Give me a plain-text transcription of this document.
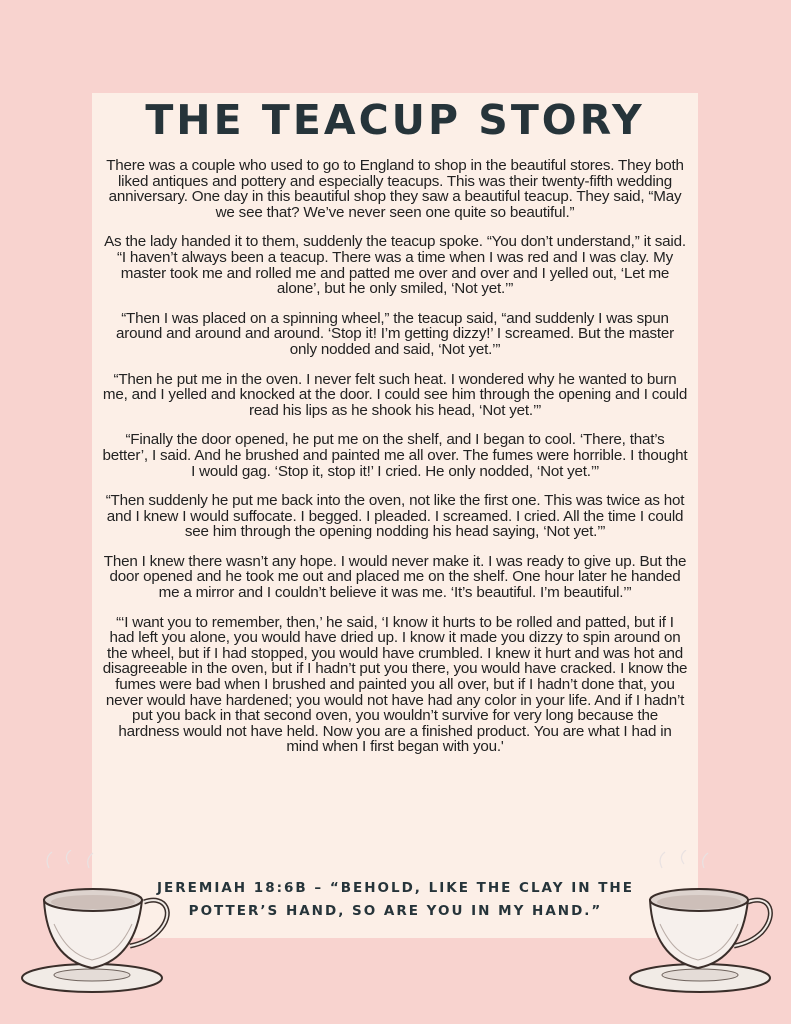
THE TEACUP STORY

There was a couple who used to go to England to shop in the beautiful stores. They both liked antiques and pottery and especially teacups. This was their twenty-fifth wedding anniversary. One day in this beautiful shop they saw a beautiful teacup. They said, “May we see that? We’ve never seen one quite so beautiful.”

As the lady handed it to them, suddenly the teacup spoke. “You don’t understand,” it said. “I haven’t always been a teacup. There was a time when I was red and I was clay. My master took me and rolled me and patted me over and over and I yelled out, ‘Let me alone’, but he only smiled, ‘Not yet.’”

“Then I was placed on a spinning wheel,” the teacup said, “and suddenly I was spun around and around and around. ‘Stop it! I’m getting dizzy!’ I screamed. But the master only nodded and said, ‘Not yet.’”

“Then he put me in the oven. I never felt such heat. I wondered why he wanted to burn me, and I yelled and knocked at the door. I could see him through the opening and I could read his lips as he shook his head, ‘Not yet.’”

“Finally the door opened, he put me on the shelf, and I began to cool. ‘There, that’s better’, I said. And he brushed and painted me all over. The fumes were horrible. I thought I would gag. ‘Stop it, stop it!’ I cried. He only nodded, ‘Not yet.’”

“Then suddenly he put me back into the oven, not like the first one. This was twice as hot and I knew I would suffocate. I begged. I pleaded. I screamed. I cried. All the time I could see him through the opening nodding his head saying, ‘Not yet.’”

Then I knew there wasn’t any hope. I would never make it. I was ready to give up. But the door opened and he took me out and placed me on the shelf. One hour later he handed me a mirror and I couldn’t believe it was me. ‘It’s beautiful. I’m beautiful.’”

“‘I want you to remember, then,’ he said, ‘I know it hurts to be rolled and patted, but if I had left you alone, you would have dried up. I know it made you dizzy to spin around on the wheel, but if I had stopped, you would have crumbled. I knew it hurt and was hot and disagreeable in the oven, but if I hadn’t put you there, you would have cracked. I know the fumes were bad when I brushed and painted you all over, but if I hadn’t done that, you never would have hardened; you would not have had any color in your life. And if I hadn’t put you back in that second oven, you wouldn’t survive for very long because the hardness would not have held. Now you are a finished product. You are what I had in mind when I first began with you.'

JEREMIAH 18:6B – “BEHOLD, LIKE THE CLAY IN THE POTTER’S HAND, SO ARE YOU IN MY HAND.”
